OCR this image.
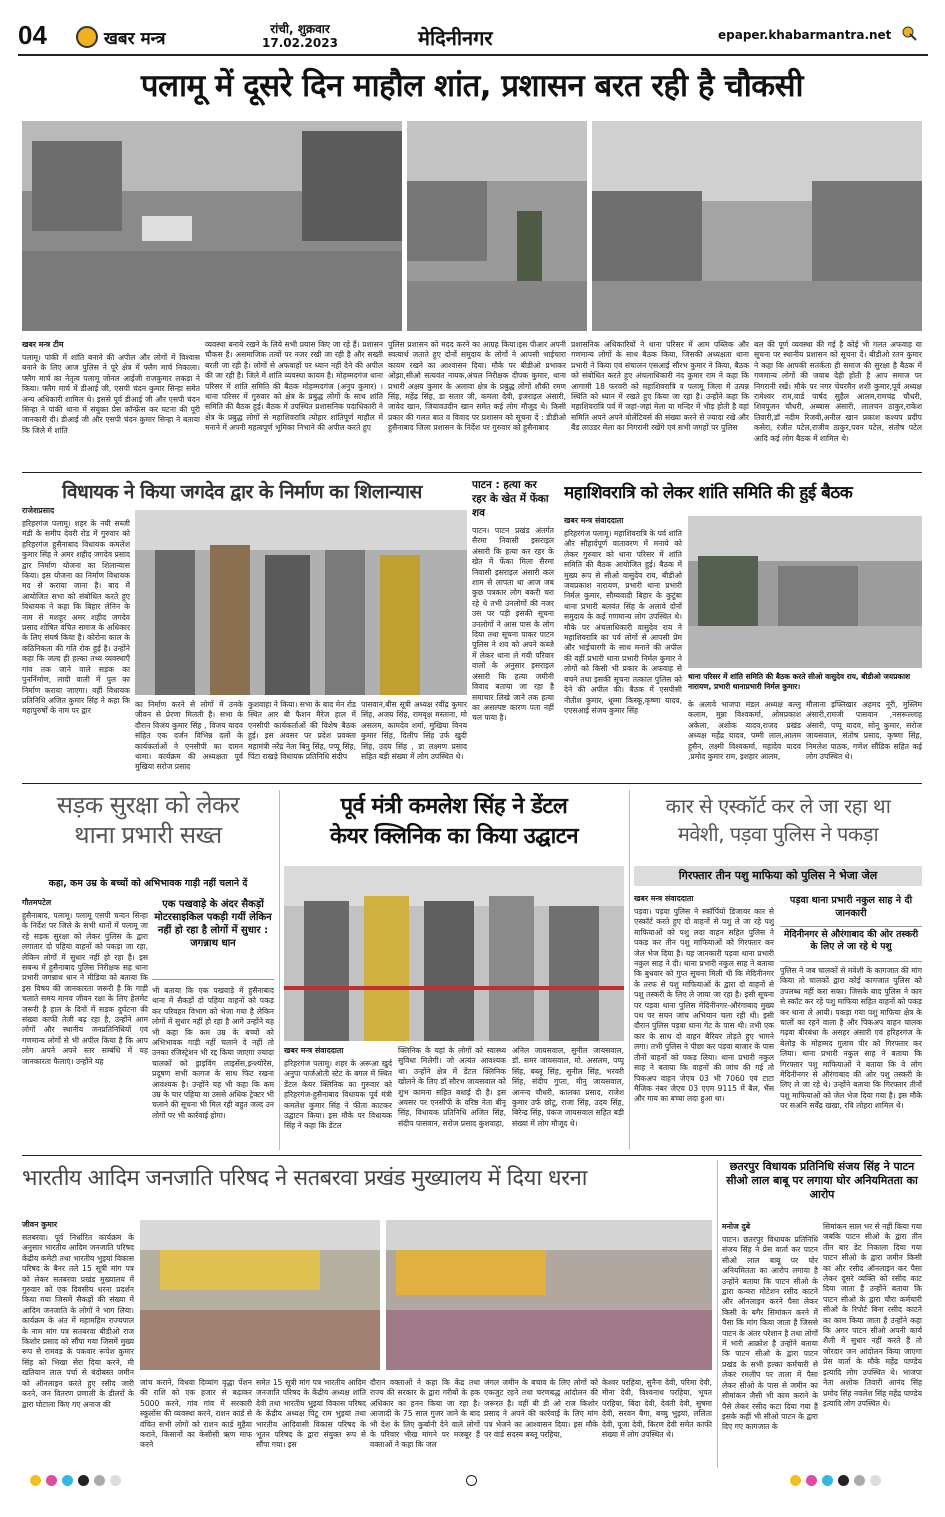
04	खबर मन्त्र	रांची, शुक्रवार
17.02.2023	मेदिनीनगर	epaper.khabarmantra.net
पलामू में दूसरे दिन माहौल शांत, प्रशासन बरत रही है चौकसी
खबर मन्त्र टीम
पलामू। पांकी में शांति बनाने की अपील और लोगों में विश्वास बनाने के लिए आज पुलिस ने पूरे क्षेत्र में फ्लैग मार्च निकाला। फ्लैग मार्च का नेतृत्व पलामू जोनल आईजी राजकुमार लकड़ा ने किया। फ्लैग मार्च में डीआई जी, एसपी चंदन कुमार सिन्हा समेत अन्य अधिकारी शामिल थे। इससे पूर्व डीआई जी और एसपी चंदन सिन्हा ने पांकी थाना में संयुक्त प्रेस कॉन्फ्रेंस कर घटना की पूरी जानकारी दी। डीआई जी और एसपी चंदन कुमार सिन्हा ने बताया कि जिले में शांति
व्यवस्था बनाये रखने के लिये सभी प्रयास किए जा रहे हैं। प्रशासन चौकस है। असमाजिक तत्वों पर नजर रखी जा रही है और सख्ती बरती जा रही है। लोगों से अफवाहों पर ध्यान नहीं देने की अपील की जा रही है। जिले में शांति व्यवस्था कायम है। मोहम्मदगंज थाना परिसर में शांति समिति की बैठक मोहम्मदगंज (अनुप कुमार) । थाना परिसर में गुरुवार को क्षेत्र के प्रबुद्ध लोगों के साथ शांति समिति की बैठक हुई। बैठक में उपस्थित प्रशासनिक पदाधिकारी ने क्षेत्र के प्रबुद्ध लोगों से महाशिवरात्रि त्योहार शांतिपूर्ण माहौल में मनाने में अपनी महत्वपूर्ण भूमिका निभाने की अपील करते हुए
पुलिस प्रशासन को मदद करने का आग्रह किया।इस पीआर अपनी स्वत्यार्थ जताते हुए दोनों समुदाय के लोगों ने आपसी भाईचारा कायम रखने का आश्वासन दिया। मौके पर बीडीओ प्रभाकर ओझा,सीओ सत्यवंत नायक,अंचल निरीक्षक दीपक कुमार, थाना प्रभारी अक्षय कुमार के अलावा क्षेत्र के प्रबुद्ध लोगों शौकी रमण सिंह, महेंद्र सिंह, डा सतार जी, कमला देवी, इजराइल अंसारी, जावेद खान, जियावउदीन खान समेत कई लोग मौजूद थे। किसी प्रकार की गलत बात व विवाद पर प्रशासन को सूचना दें : डीडीओ हुसैनाबाद जिला प्रशासन के निर्देश पर गुरुवार को हुसैनाबाद
प्रशासनिक अधिकारियों ने थाना परिसर में आम पब्लिक और गणमान्य लोगों के साथ बैठक किया, जिसकी अध्यक्षता थाना प्रभारी ने किया एवं संचालन एसआई सौरभ कुमार ने किया, बैठक को संबोधित करते हुए अंचलाधिकारी नंद कुमार राम ने कहा कि आगामी 18 फरवरी को महाशिवरात्रि व पलामू जिला में उत्पन्न स्थिति को ध्यान में रखते हुए किया जा रहा है। उन्होंने कहा कि महाशिवरात्रि पर्व में जहां-जहां मेला या मन्दिर में भीड़ होती है वहां समिति अपने अपने वोलेंटियर्स की संख्या करने से ज्यादा रखे और बैंड लाउडर मेला का निगरानी रखेंगे एवं सभी जगहों पर पुलिस
बल की पूर्ण व्यवस्था की गई है कोई भी गलत अफवाह या सूचना पर स्थानीय प्रशासन को सूचना दें। बीडीओ रतन कुमार ने कहा कि आपकी सतर्कता ही समाज की सुरक्षा है बैठक में गणमान्य लोगों की जवाब देही होती है आप समाज पर निगरानी रखें। मौके पर नगर चेयरमैन शशी कुमार,पूर्व अध्यक्ष रामेश्वर राम,वार्ड पार्षद सुहैल आलम,रामचंद्र चौधरी, शिवपूजन चौधरी, अब्बास अंसारी, लालचन ठाकुर,राकेश तिवारी,डॉ नदीम रिजवी,अनील खान प्रकाश कश्यप प्रदीप कसेरा, रंजीत पटेल,राजीव ठाकुर,पवन पटेल, संतोष पटेल आदि कई लोग बैठक में शामिल थे।
विधायक ने किया जगदेव द्वार के निर्माण का शिलान्यास
राजेशप्रसाद
हरिहरगंज पलामू। शहर के नयी सब्जी मंडी के समीप देवरी रोड में गुरुवार को हरिहरगंज हुसैनाबाद विधायक कमलेश कुमार सिंह ने अमर शहीद जगदेव प्रसाद द्वार निर्माण योजना का शिलान्यास किया। इस योजना का निर्माण विधायक मद से कराया जाना है। बाद में आयोजित सभा को संबोधित करते हुए विधायक ने कहा कि बिहार लेनिन के नाम से मशहूर अमर शहीद जगदेव प्रसाद शोषित वंचित समाज के अधिकार के लिए संघर्ष किया है। कोरोना काल के कठिनिकता की गति रोक हुई है। उन्होंने कहा कि जल्द ही हल्का तथ्य व्यवस्थाएँ गांव तक जाने वाले सड़क का पुनर्निर्माण, लादी वाली में पुल का निर्माण कराया जाएगा। वहीं विधायक प्रतिनिधि अजित कुमार सिंह ने कहा कि महापुरुषों के नाम पर द्वार
का निर्माण करने से लोगों में उनके जीवन से प्रेरणा मिलती है। सभा के दौरान विजय कुमार सिंह , विजय यादव संहित एक दर्जन विभिन्न दलों के कार्यकर्ताओं ने एनसीपी का दामन थामा। कार्यक्रम की अध्यक्षता पूर्व मुखिया सरोज प्रसाद
कुशवाहा ने किया। सभा के बाद मेन रोड स्थित आर बी फैशन मैरेज हाल में एनसीपी कार्यकर्ताओं की विशेष बैठक हुई। इस अवसर पर प्रदेश प्रवक्ता महामंत्री नरेंद्र नेता बिनु सिंह, पप्पू सिंह, पिंटा राखड़े विधायक प्रतिनिधि संदीप
पासवान,बीस सूत्री अध्यक्ष रवींद्र कुमार सिंह, अजय सिंह, रामवृक्ष मस्ताना, मो असलम, कामदेव शर्मा, मुखिया विनय कुमार सिंह, दिलीप सिंह उर्फ खुदी सिंह, उदय सिंह , डा लक्ष्मण प्रसाद सहित बड़ी संख्या में लोग उपस्थित थे।
पाटन : हत्या कर रहर के खेत में फेंका शव
पाटन। पाटन प्रखंड अंतर्गत सैरमा निवासी इसराइल अंसारी कि हत्या कर रहर के खेत में फेंका मिला सैरमा निवासी इसराइल अंसारी कल शाम से लापता था आज जब कुछ पत्रकार लोग बकरी चरा रहे थे तभी उनलोगों की नजर उस पर पड़ी इसकी सूचना उनलोगों ने आस पास के लोग दिया तथा सूचना पाकर पाटन पुलिस ने शव को अपने कब्जे में लेकर थाना ले गयी परिवार वालों के अनुसार इसराइल अंसारी कि हत्या जमीनी विवाद बताया जा रहा है समाचार लिखे जाने तक हत्या का असल्पष्ट कारण पता नहीं चल पाया है।
महाशिवरात्रि को लेकर शांति समिति की हुई बैठक
खबर मन्त्र संवाददाता
हरिहरगंज पलामू। महाशिवरात्रि के पर्व शांति और सौहार्दपूर्ण वातावरण में मनाये को लेकर गुरुवार को थाना परिसर में शांति समिति की बैठक आयोजित हुई। बैठक में मुख्य रूप से सीओ वासुदेव राय, बीडीओ जयप्रकाश नारायण, प्रभारी थाना प्रभारी निर्मल कुमार, सौम्यवादी बिहार के कुटुंबा थाना प्रभारी बलवंत सिंह के अलावे दोनों समुदाय के कई गणमान्य लोग उपस्थित थे। मौके पर अंचलाधिकारी वासुदेव राय ने महाशिवरात्रि का पर्व लोगों से आपसी प्रेम और भाईचारगी के साथ मनाने की अपील की वहीं प्रभारी थाना प्रभारी निर्मल कुमार ने लोगों को किसी भी प्रकार के अफवाह से बचने तथा इसकी सूचना तत्काल पुलिस को देने की अपील की। बैठक में एसपीसी नीतीश कुमार, धूम्मा किस्कू,कृष्णा यादव, एएसआई संजय कुमार सिंह
थाना परिसर में शांति समिति की बैठक करते सीओ वासुदेव राय, बीडीओ जयप्रकाश नारायण, प्रभारी थानाप्रभारी निर्मल कुमार।
के अलावे भाजपा मंडल अध्यक्ष बल्लू कलाम, मुन्ना विश्वकर्मा, ओमप्रकाश अकेला, अशोक यादव,राजद प्रखंड अध्यक्ष महेंद्र यादव, पम्मी लाल,आलम हुसैन, लक्ष्मी विश्वकर्मा, महादेव यादव ,प्रमोद कुमार राम, इशहार आलम,
मौलाना इफ्तिखार अहमद नूरी, मुस्लिम अंसारी,रामजी पासवान ,नसरूल्लाह अंसारी, पप्पू यादव, सोनू कुमार, सरोज जायसवाल, संतोष प्रसाद, कृष्णा सिंह, निमलेश पाठक, गणेश सौंडिक सहित कई लोग उपस्थित थे।
सड़क सुरक्षा को लेकर
थाना प्रभारी सख्त
कहा, कम उम्र के बच्चों को अभिभावक गाड़ी नहीं चलाने दें
गौतमपटेल
हुसैनाबाद, पलामू। पलामू एसपी चन्दन सिन्हा के निर्देश पर जिले के सभी थानों में पलामू जा रहे सड़क सुरक्षा को लेकर पुलिस के द्वारा लगातार दो पहिया वाहनों को पकड़ा जा रहा, लेकिन लोगों में सुधार नहीं हो रहा है। इस सबन्ध में हुसैनाबाद पुलिस निरीक्षक सह थाना प्रभारी जगन्नाथ धान ने मीडिया को बताया कि इस विषय की जानकारता जरूरी है कि गाड़ी चलाते समय मानव जीवन रक्षा के लिए हेलमेट जरूरी है हाल के दिनों में सड़क दुर्घटना की संख्या काफी तेजी बढ़ रहा है, उन्होंने आम लोगों और स्थानीय जनप्रतिनिधियों एवं गणमान्य लोगों से भी अपील किया है कि आप लोग अपने अपने स्तर सम्बंधि में यह जानकारता फैलाएं। उन्होंने यह
एक पखवाड़े के अंदर सैकड़ों मोटरसाइकिल पकड़ी गयीं लेकिन नहीं हो रहा है लोगों में सुधार : जगन्नाथ धान
भी बताया कि एक पखवाड़े में हुसैनाबाद थाना में सैकड़ों दो पहिया वाहनों को पकड़ कर परिवहन विभाग को भेजा गया है लेकिन लोगों में सुधार नहीं हो रहा है आगे उन्होंने यह भी कहा कि कम उम्र के बच्चों को अभिभावक गाड़ी नहीं चलाने दे नहीं तो उनका रजिस्ट्रेशन भी रद्द किया जाएगा ज्यादा चालकों को ड्राइविंग लाइसेंस,इन्श्योरेंस, प्रदूषण सभी कागज के साथ फिट रखना आवश्यक है। उन्होंने यह भी कहा कि कम उम्र के चार पहिया या उससे अधिक ट्रेक्टर भी चलाने की सूचना भी मिल रही बहुत जल्द उन लोगों पर भी कार्रवाई होगा।
पूर्व मंत्री कमलेश सिंह ने डेंटल
केयर क्लिनिक का किया उद्घाटन
खबर मन्त्र संवाददाता
हरिहरगंज पलामू। शहर के अरूआ खुर्द अनुपा पार्जओती स्टेट के बगल में स्थित डेंटल केयर क्लिनिक का गुरुवार को हरिहरगंज-हुसैनाबाद विधायक पूर्व मंत्री कमलेश कुमार सिंह ने फीता काटकर उद्घाटन किया। इस मौके पर विधायक सिंह ने कहा कि डेंटल
क्लिनिक के यहां के लोगों को स्वास्थ्य सुविधा मिलेगी। जो अत्यंत आवश्यक था। उन्होंने क्षेत्र में डेंटल क्लिनिक खोलने के लिए डॉ सौरभ जायसवाल को शुभ कामना सहित बधाई दी है। इस अवसर पर एनसीपी के वरिष्ठ नेता बीनू सिंह, विधायक प्रतिनिधि अजित सिंह, संदीप पासवान, सरोज प्रसाद कुशवाहा,
अनिल जायसवाल, सुनील जायसवाल, डॉ. समर जायसवाल, मो. असलम, पप्पू सिंह, बब्लू सिंह, सुनील सिंह, भरवरी सिंह, संदीप गुप्ता, मीनु जायसवाल, आनन्द चौधरी, कालका प्रसाद, राजेश कुमार उर्फ छोटू, राजा सिंह, उदय सिंह, बिरेन्द्र सिंह, पंकज जायसवाल सहित बड़ी संख्या में लोग मौजूद थे।
कार से एस्कॉर्ट कर ले जा रहा था
मवेशी, पड़वा पुलिस ने पकड़ा
गिरफ्तार तीन पशु माफिया को पुलिस ने भेजा जेल
खबर मन्त्र संवाददाता
पड़वा। पड़वा पुलिस ने स्कॉर्पियो डिजायर कार से एस्कॉर्ट करते हुए दो वाहनों से पशु ले जा रहे पशु माफियाओं को पशु लदा वाहन सहित पुलिस ने पकड़ कर तीन पशु माफियाओं को गिरफ्तार कर जेल भेज दिया है। यह जानकारी पड़वा थाना प्रभारी नकुल साह ने दी। थाना प्रभारी नकुल साह ने बताया कि बुधवार को गुप्त सूचना मिली थी कि मेदिनीनगर के तरफ से पशु माफियाओं के द्वारा दो वाहनों से पशु तस्करी के लिए ले जाया जा रहा है। इसी सूचना पर पड़वा थाना पुलिस मेदिनीनगर-औरंगाबाद मुख्य पथ पर सघन जांच अभियान चला रही थी। इसी दौरान पुलिस पड़वा थाना गेट के पास थी। तभी एक कार के साथ दो वाहन बैरियर तोड़ते हुए भागने लगा। तभी पुलिस ने पीछा कर पड़वा बाजार के पास तीनों वाहनों को पकड़ लिया। थाना प्रभारी नकुल साह ने बताया कि वाहनों की जांच की गई तो पिकअप वाहन जेएच 03 भी 7060 एवं टाटा मैजिक नंबर जेएच 03 एएम 9115 में बैल, भैंस और गाय का बच्चा लदा हुआ था।
पड़वा थाना प्रभारी नकुल साह ने दी जानकारी
मेदिनीनगर से औरंगाबाद की ओर तस्करी के लिए ले जा रहे थे पशु
पुलिस ने जब चालकों से मवेशी के कागजात की मांग किया तो चालकों द्वारा कोई कागजात पुलिस को उपलब्ध नहीं करा सका। जिसके बाद पुलिस ने कार से स्कॉट कर रहे पशु माफिया सहित वाहनों को पकड़ कर थाना ले आयी। पकड़ा गया पशु माफिया क्षेत्र के चालों का रहने वाला है और पिकअप वाहन चालक गढ़वा बीरबंधा के असहर अंसारी एवं हरिहरगंज के बेलोड़ के मोहम्मद गुलाम पीर को गिरफ्तार कर लिया। थाना प्रभारी नकुल साह ने बताया कि गिरफ्तार पशु माफियाओं ने बताया कि वे लोग मेदिनीनगर से औरंगाबाद की ओर पशु तस्करी के लिए ले जा रहे थे। उन्होंने बताया कि गिरफ्तार तीनों पशु माफियाओं को जेल भेज दिया गया है। इस मौके पर सअनि सर्वेंद्र खखा, रवि लोहरा शामिल थे।
भारतीय आदिम जनजाति परिषद ने सतबरवा प्रखंड मुख्यालय में दिया धरना
जीवन कुमार
सतबरवा। पूर्व निर्धारित कार्यक्रम के अनुसार भारतीय आदिम जनजाति परिषद केंद्रीय कमेटी तथा भारतीय भुइयां विकास परिषद के बैनर तले 15 सूत्री मांग पत्र को लेकर सतबरवा प्रखंड मुख्यालय में गुरुवार को एक दिवसीय धरना प्रदर्शन किया गया जिसमें सैकड़ों की संख्या में आदिम जनजाति के लोगों ने भाग लिया। कार्यक्रम के अंत में महामहिम राज्यपाल के नाम मांग पत्र सतबरवा बीडीओ राज किशोर प्रसाद को सौंपा गया जिसमें मुख्य रूप से रामवड़ के पकवार रूपेश कुमार सिंह को भिखा सेरा दिया करने, मी खतियान लाल पर्चा से बंदोबस्त जमीन को ऑनलाइन करते हुए रसीद जारी करने, जन वितरण प्रणाली के डीलरों के द्वारा घोटाला किए गए अनाज की
जांच कराने, विधवा दिव्यांग वृद्धा पेंशन की राशि को एक हजार से बढ़ाकर 5000 करने, गांव गांव में सरकारी स्कूलोंस की व्यवस्था करने, राशन कार्ड से वंचित सभी लोगों को राशन कार्ड मुहैया कराने, किसानों का केसीसी ऋण माफ करने
समेत 15 सूत्री मांग पत्र भारतीय आदिम जनजाति परिषद के केंद्रीय अध्यक्ष शांति देवी तथा भारतीय भुइयां विकास परिषद के केंद्रीय अध्यक्ष पिंटू राम भुइयां तथा भारतीय आदिवासी विकास परिषद के भूतन परिषद के द्वारा संयुक्त रूप से सौंपा गया। इस
दौरान वक्ताओं ने कहा कि केंद्र तथा राज्य की सरकार के द्वारा गरीबों के हक अधिकार का हनन किया जा रहा है। आजादी के 75 साल गुजर जाने के बाद भी देश के लिए कुर्बानी देने वाले लोगों के परिवार भीख मांगने पर मजबूर हैं वक्ताओं ने कहा कि जल
जंगल जमीन के बचाव के लिए लोगों को एकजुट रहने तथा चरणबद्ध आंदोलन की जरूरत है। वहीं बी डी ओ राज किशोर प्रसाद ने अपने की कार्रवाई के लिए मांग पत्र भेजने का आश्वासन दिया। इस मौके पर वार्ड सदस्य बब्लू परहिया,
केश्वर परहिया, सुनैना देवी, परिमा देवी, मीना देवी, विश्वनाथ परहिया, भूपत परहिया, बिंदा देवी, देवंती देवी, सुषमा देवी, सरवन बैगा, बच्चु भुइयां, ललिता देवी, पूजा देवी, किरण देवी समेत काफी संख्या में लोग उपस्थित थे।
छतरपुर विधायक प्रतिनिधि संजय सिंह ने पाटन सीओ लाल बाबू पर लगाया घोर अनियमितता का आरोप
मनोज दुबे
पाटन। छतरपुर विधायक प्रतिनिधि संजय सिंह ने प्रेस वार्ता कर पाटन सीओ लाल बाबू पर घोर अनियमितता का आरोप लगाया है उन्होंने बताया कि पाटन सीओ के द्वारा कन्वरा मोटेशन रसीद काटने और ऑनलाइन करने पैसा लेकर किसी के बगैर सिमांकन करने में पैसा कि मांग किया जाता है जिससे पाटन के अंतर परेशान है तथा लोगों में भारी आक्रोश है उन्होंने बताया कि पाटन सीओ के द्वारा पाटन प्रखंड के सभी हल्का कर्मचारी से लेकर रमलीप पर ताला में पैसा लेकर सीओ के पास से जमीन का सीमांकन जैसी भी काम कराने के पैसे लेकर रसीद कटा दिया गया है इसके कहीं भी सीओ पाटन के द्वारा दिए गए कागजात के
सिमांकन साल भर से नहीं किया गया जबकि पाटन सीओ के द्वारा तीन तीन बार डेट निकाला दिया गया पाटन सीओ के द्वारा जमीन किसी का और रसीद ऑनलाइन कर पैसा लेकर दूसरे व्यक्ति को रसीद काट दिया जाता है उन्होंने बताया कि पाटन सीओ के द्वारा चौरा कर्मचारी सीओ के रिपोर्ट बिना रसीद काटने का काम किया जाता है उन्होंने कहा कि अगर पाटन सीओ अपनी कार्य शैली में सुधार नहीं करते हैं तो जोरदार जन आंदोलन किया जाएगा प्रेस वार्ता के मौके महेंद्र पाण्डेय इत्यादि लोग उपस्थित थे। भाजपा नेता अशोक तिवारी आनंद सिंह प्रमोद सिंह नवलेश सिंह महेंद्र पाण्डेय इत्यादि लोग उपस्थित थे।
